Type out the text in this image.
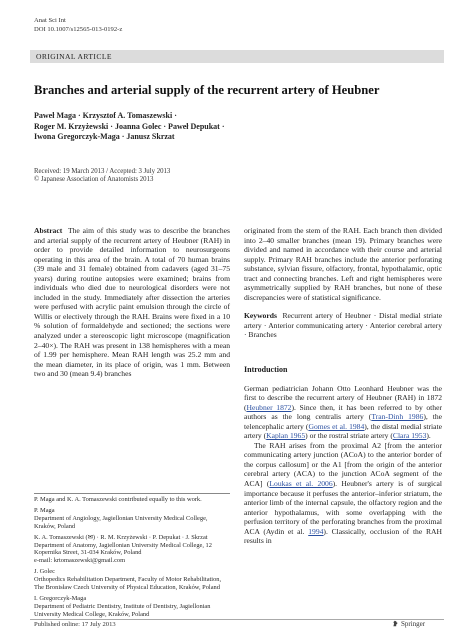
Anat Sci Int
DOI 10.1007/s12565-013-0192-z
ORIGINAL ARTICLE
Branches and arterial supply of the recurrent artery of Heubner
Paweł Maga · Krzysztof A. Tomaszewski ·
Roger M. Krzyżewski · Joanna Golec · Paweł Depukat ·
Iwona Gregorczyk-Maga · Janusz Skrzat
Received: 19 March 2013 / Accepted: 3 July 2013
© Japanese Association of Anatomists 2013

Abstract The aim of this study was to describe the branches and arterial supply of the recurrent artery of Heubner (RAH) in order to provide detailed information to neurosurgeons operating in this area of the brain. A total of 70 human brains (39 male and 31 female) obtained from cadavers (aged 31–75 years) during routine autopsies were examined; brains from individuals who died due to neurological disorders were not included in the study. Immediately after dissection the arteries were perfused with acrylic paint emulsion through the circle of Willis or electively through the RAH. Brains were fixed in a 10 % solution of formaldehyde and sectioned; the sections were analyzed under a stereoscopic light microscope (magnification 2–40×). The RAH was present in 138 hemispheres with a mean of 1.99 per hemisphere. Mean RAH length was 25.2 mm and the mean diameter, in its place of origin, was 1 mm. Between two and 30 (mean 9.4) branches

P. Maga and K. A. Tomaszewski contributed equally to this work.

P. Maga
Department of Angiology, Jagiellonian University Medical College, Kraków, Poland

K. A. Tomaszewski (✉) · R. M. Krzyżewski · P. Depukat · J. Skrzat
Department of Anatomy, Jagiellonian University Medical College, 12 Kopernika Street, 31-034 Kraków, Poland
e-mail: krtomaszewski@gmail.com

J. Golec
Orthopedics Rehabilitation Department, Faculty of Motor Rehabilitation, The Bronisław Czech University of Physical Education, Kraków, Poland

I. Gregorczyk-Maga
Department of Pediatric Dentistry, Institute of Dentistry, Jagiellonian University Medical College, Kraków, Poland

originated from the stem of the RAH. Each branch then divided into 2–40 smaller branches (mean 19). Primary branches were divided and named in accordance with their course and arterial supply. Primary RAH branches include the anterior perforating substance, sylvian fissure, olfactory, frontal, hypothalamic, optic tract and connecting branches. Left and right hemispheres were asymmetrically supplied by RAH branches, but none of these discrepancies were of statistical significance.

Keywords Recurrent artery of Heubner · Distal medial striate artery · Anterior communicating artery · Anterior cerebral artery · Branches

Introduction

German pediatrician Johann Otto Leonhard Heubner was the first to describe the recurrent artery of Heubner (RAH) in 1872 (Heubner 1872). Since then, it has been referred to by other authors as the long centralis artery (Tran-Dinh 1986), the telencephalic artery (Gomes et al. 1984), the distal medial striate artery (Kaplan 1965) or the rostral striate artery (Clara 1953).

The RAH arises from the proximal A2 [from the anterior communicating artery junction (ACoA) to the anterior border of the corpus callosum] or the A1 [from the origin of the anterior cerebral artery (ACA) to the junction ACoA segment of the ACA] (Loukas et al. 2006). Heubner's artery is of surgical importance because it perfuses the anterior–inferior striatum, the anterior limb of the internal capsule, the olfactory region and the anterior hypothalamus, with some overlapping with the perfusion territory of the perforating branches from the proximal ACA (Aydin et al. 1994). Classically, occlusion of the RAH results in

Published online: 17 July 2013	Springer
